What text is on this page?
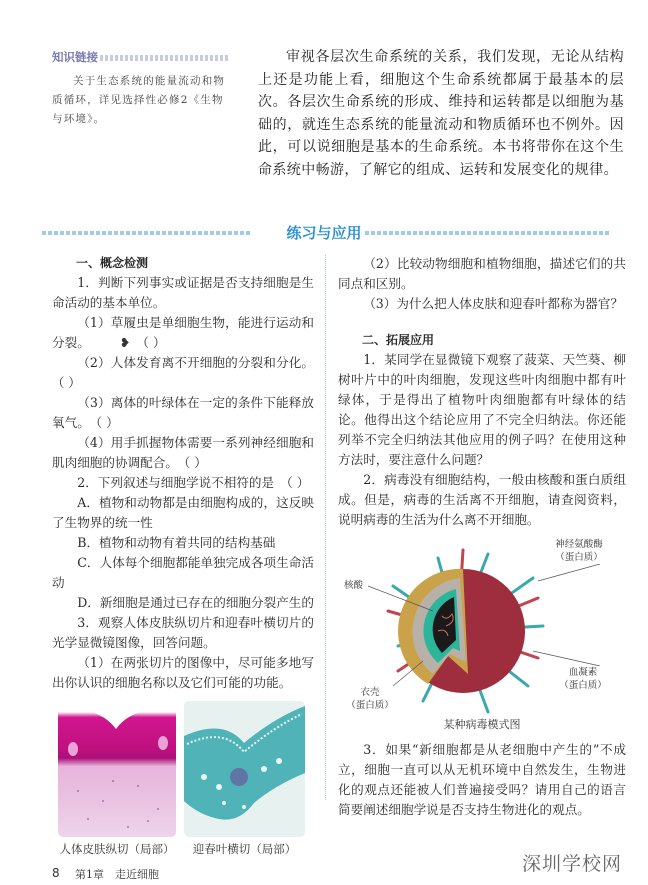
知识链接
关于生态系统的能量流动和物质循环，详见选择性必修2《生物与环境》。
审视各层次生命系统的关系，我们发现，无论从结构上还是功能上看，细胞这个生命系统都属于最基本的层次。各层次生命系统的形成、维持和运转都是以细胞为基础的，就连生态系统的能量流动和物质循环也不例外。因此，可以说细胞是基本的生命系统。本书将带你在这个生命系统中畅游，了解它的组成、运转和发展变化的规律。
练习与应用

一、概念检测

1．判断下列事实或证据是否支持细胞是生命活动的基本单位。

（1）草履虫是单细胞生物，能进行运动和分裂。 ❥ （ ）

（2）人体发育离不开细胞的分裂和分化。（ ）

（3）离体的叶绿体在一定的条件下能释放氧气。 （ ）

（4）用手抓握物体需要一系列神经细胞和肌肉细胞的协调配合。 （ ）

2．下列叙述与细胞学说不相符的是 （ ）

A．植物和动物都是由细胞构成的，这反映了生物界的统一性

B．植物和动物有着共同的结构基础

C．人体每个细胞都能单独完成各项生命活动

D．新细胞是通过已存在的细胞分裂产生的

3．观察人体皮肤纵切片和迎春叶横切片的光学显微镜图像，回答问题。

（1）在两张切片的图像中，尽可能多地写出你认识的细胞名称以及它们可能的功能。

人体皮肤纵切（局部） 迎春叶横切（局部）

（2）比较动物细胞和植物细胞，描述它们的共同点和区别。

（3）为什么把人体皮肤和迎春叶都称为器官？

二、拓展应用

1．某同学在显微镜下观察了菠菜、天竺葵、柳树叶片中的叶肉细胞，发现这些叶肉细胞中都有叶绿体，于是得出了植物叶肉细胞都有叶绿体的结论。他得出这个结论应用了不完全归纳法。你还能列举不完全归纳法其他应用的例子吗？在使用这种方法时，要注意什么问题？

2．病毒没有细胞结构，一般由核酸和蛋白质组成。但是，病毒的生活离不开细胞，请查阅资料，说明病毒的生活为什么离不开细胞。

神经氨酸酶
（蛋白质）
核酸
血凝素
（蛋白质）
衣壳
（蛋白质）
某种病毒模式图

3．如果“新细胞都是从老细胞中产生的”不成立，细胞一直可以从无机环境中自然发生，生物进化的观点还能被人们普遍接受吗？请用自己的语言简要阐述细胞学说是否支持生物进化的观点。

8 第1章　走近细胞	深圳学校网
